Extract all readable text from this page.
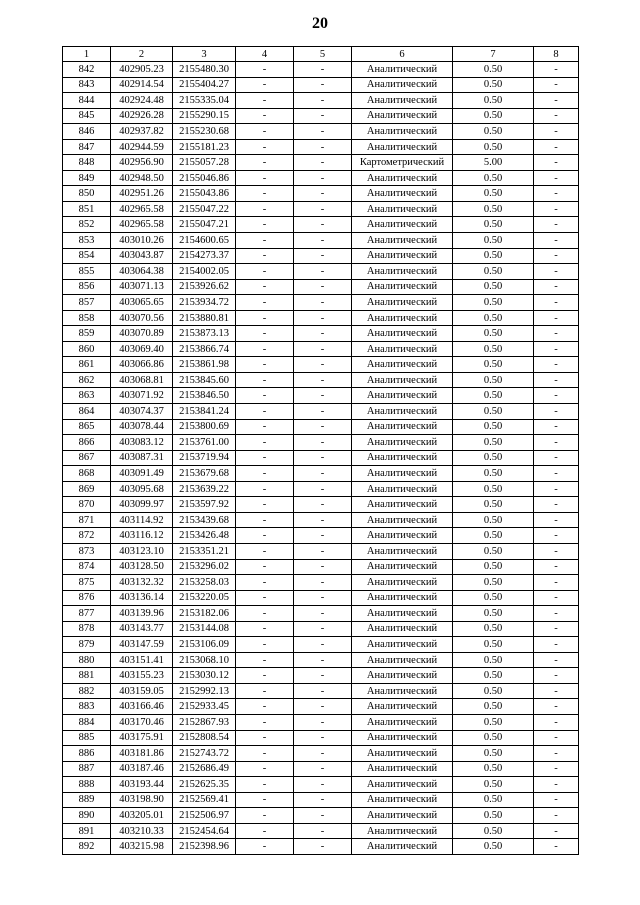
20
1	2	3	4	5	6	7	8
842	402905.23	2155480.30	-	-	Аналитический	0.50	-
843	402914.54	2155404.27	-	-	Аналитический	0.50	-
844	402924.48	2155335.04	-	-	Аналитический	0.50	-
845	402926.28	2155290.15	-	-	Аналитический	0.50	-
846	402937.82	2155230.68	-	-	Аналитический	0.50	-
847	402944.59	2155181.23	-	-	Аналитический	0.50	-
848	402956.90	2155057.28	-	-	Картометрический	5.00	-
849	402948.50	2155046.86	-	-	Аналитический	0.50	-
850	402951.26	2155043.86	-	-	Аналитический	0.50	-
851	402965.58	2155047.22	-	-	Аналитический	0.50	-
852	402965.58	2155047.21	-	-	Аналитический	0.50	-
853	403010.26	2154600.65	-	-	Аналитический	0.50	-
854	403043.87	2154273.37	-	-	Аналитический	0.50	-
855	403064.38	2154002.05	-	-	Аналитический	0.50	-
856	403071.13	2153926.62	-	-	Аналитический	0.50	-
857	403065.65	2153934.72	-	-	Аналитический	0.50	-
858	403070.56	2153880.81	-	-	Аналитический	0.50	-
859	403070.89	2153873.13	-	-	Аналитический	0.50	-
860	403069.40	2153866.74	-	-	Аналитический	0.50	-
861	403066.86	2153861.98	-	-	Аналитический	0.50	-
862	403068.81	2153845.60	-	-	Аналитический	0.50	-
863	403071.92	2153846.50	-	-	Аналитический	0.50	-
864	403074.37	2153841.24	-	-	Аналитический	0.50	-
865	403078.44	2153800.69	-	-	Аналитический	0.50	-
866	403083.12	2153761.00	-	-	Аналитический	0.50	-
867	403087.31	2153719.94	-	-	Аналитический	0.50	-
868	403091.49	2153679.68	-	-	Аналитический	0.50	-
869	403095.68	2153639.22	-	-	Аналитический	0.50	-
870	403099.97	2153597.92	-	-	Аналитический	0.50	-
871	403114.92	2153439.68	-	-	Аналитический	0.50	-
872	403116.12	2153426.48	-	-	Аналитический	0.50	-
873	403123.10	2153351.21	-	-	Аналитический	0.50	-
874	403128.50	2153296.02	-	-	Аналитический	0.50	-
875	403132.32	2153258.03	-	-	Аналитический	0.50	-
876	403136.14	2153220.05	-	-	Аналитический	0.50	-
877	403139.96	2153182.06	-	-	Аналитический	0.50	-
878	403143.77	2153144.08	-	-	Аналитический	0.50	-
879	403147.59	2153106.09	-	-	Аналитический	0.50	-
880	403151.41	2153068.10	-	-	Аналитический	0.50	-
881	403155.23	2153030.12	-	-	Аналитический	0.50	-
882	403159.05	2152992.13	-	-	Аналитический	0.50	-
883	403166.46	2152933.45	-	-	Аналитический	0.50	-
884	403170.46	2152867.93	-	-	Аналитический	0.50	-
885	403175.91	2152808.54	-	-	Аналитический	0.50	-
886	403181.86	2152743.72	-	-	Аналитический	0.50	-
887	403187.46	2152686.49	-	-	Аналитический	0.50	-
888	403193.44	2152625.35	-	-	Аналитический	0.50	-
889	403198.90	2152569.41	-	-	Аналитический	0.50	-
890	403205.01	2152506.97	-	-	Аналитический	0.50	-
891	403210.33	2152454.64	-	-	Аналитический	0.50	-
892	403215.98	2152398.96	-	-	Аналитический	0.50	-
